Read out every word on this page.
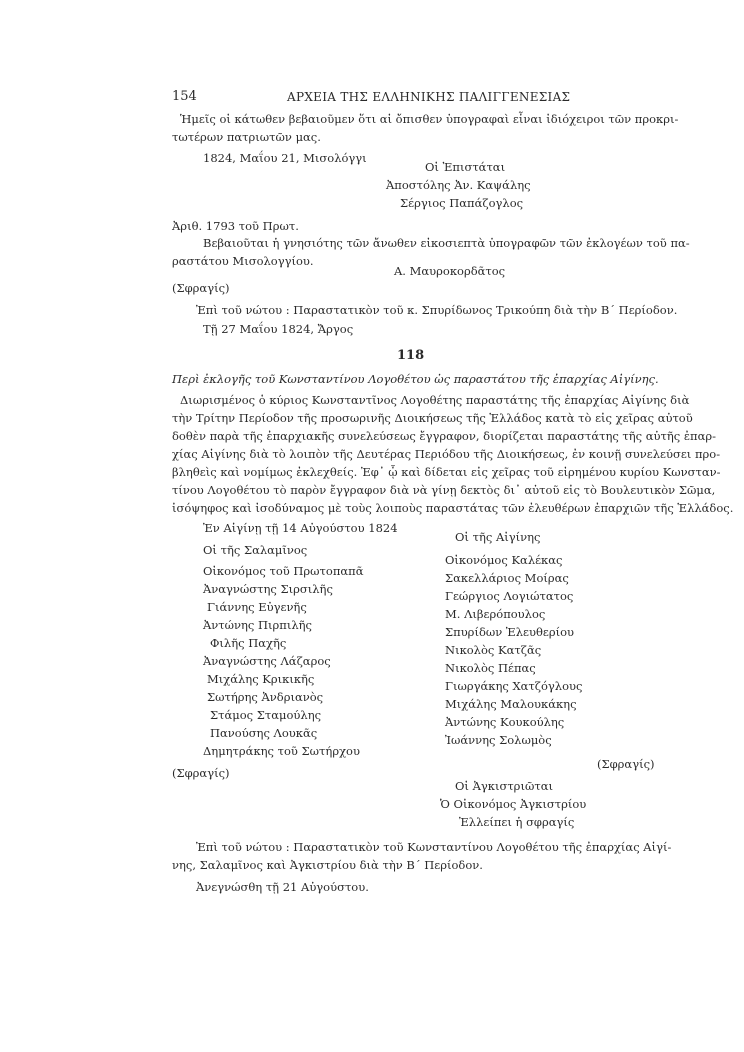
154	ΑΡΧΕΙΑ ΤΗΣ ΕΛΛΗΝΙΚΗΣ ΠΑΛΙΓΓΕΝΕΣΙΑΣ
Ἡμεῖς οἱ κάτωθεν βεβαιοῦμεν ὅτι αἱ ὄπισθεν ὑπογραφαὶ εἶναι ἰδιόχειροι τῶν προκρι-
τωτέρων πατριωτῶν μας.
1824, Μαΐου 21, Μισολόγγι
Οἱ Ἐπιστάται
Ἀποστόλης Ἀν. Καψάλης
Σέργιος Παπάζογλος
Ἀριθ. 1793 τοῦ Πρωτ.
Βεβαιοῦται ἡ γνησιότης τῶν ἄνωθεν εἰκοσιεπτὰ ὑπογραφῶν τῶν ἐκλογέων τοῦ πα-
ραστάτου Μισολογγίου.
Α. Μαυροκορδᾶτος
(Σφραγίς)
Ἐπὶ τοῦ νώτου : Παραστατικὸν τοῦ κ. Σπυρίδωνος Τρικούπη διὰ τὴν Β΄ Περίοδον.
Τῇ 27 Μαΐου 1824, Ἄργος
118
Περὶ ἐκλογῆς τοῦ Κωνσταντίνου Λογοθέτου ὡς παραστάτου τῆς ἐπαρχίας Αἰγίνης.
Διωρισμένος ὁ κύριος Κωνσταντῖνος Λογοθέτης παραστάτης τῆς ἐπαρχίας Αἰγίνης διὰ
τὴν Τρίτην Περίοδον τῆς προσωρινῆς Διοικήσεως τῆς Ἑλλάδος κατὰ τὸ εἰς χεῖρας αὐτοῦ
δοθὲν παρὰ τῆς ἐπαρχιακῆς συνελεύσεως ἔγγραφον, διορίζεται παραστάτης τῆς αὐτῆς ἐπαρ-
χίας Αἰγίνης διὰ τὸ λοιπὸν τῆς Δευτέρας Περιόδου τῆς Διοικήσεως, ἐν κοινῇ συνελεύσει προ-
βληθεὶς καὶ νομίμως ἐκλεχθείς. Ἐφ᾽ ᾧ καὶ δίδεται εἰς χεῖρας τοῦ εἰρημένου κυρίου Κωνσταν-
τίνου Λογοθέτου τὸ παρὸν ἔγγραφον διὰ νὰ γίνῃ δεκτὸς δι᾽ αὐτοῦ εἰς τὸ Βουλευτικὸν Σῶμα,
ἰσόψηφος καὶ ἰσοδύναμος μὲ τοὺς λοιποὺς παραστάτας τῶν ἐλευθέρων ἐπαρχιῶν τῆς Ἑλλάδος.
Ἐν Αἰγίνῃ τῇ 14 Αὐγούστου 1824
Οἱ τῆς Σαλαμῖνος
Οἰκονόμος τοῦ Πρωτοπαπᾶ
Ἀναγνώστης Σιρσιλῆς
Γιάννης Εὐγενῆς
Ἀντώνης Πιρπιλῆς
Φιλῆς Παχῆς
Ἀναγνώστης Λάζαρος
Μιχάλης Κρικικῆς
Σωτήρης Ἀνδριανὸς
Στάμος Σταμούλης
Πανούσης Λουκᾶς
Δημητράκης τοῦ Σωτήρχου
Οἱ τῆς Αἰγίνης
Οἰκονόμος Καλέκας
Σακελλάριος Μοίρας
Γεώργιος Λογιώτατος
Μ. Λιβερόπουλος
Σπυρίδων Ἐλευθερίου
Νικολὸς Κατζᾶς
Νικολὸς Πέπας
Γιωργάκης Χατζόγλους
Μιχάλης Μαλουκάκης
Ἀντώνης Κουκούλης
Ἰωάννης Σολωμὸς
(Σφραγίς)
(Σφραγίς)
Οἱ Ἀγκιστριῶται
Ὁ Οἰκονόμος Ἀγκιστρίου
Ἐλλείπει ἡ σφραγίς
Ἐπὶ τοῦ νώτου : Παραστατικὸν τοῦ Κωνσταντίνου Λογοθέτου τῆς ἐπαρχίας Αἰγί-
νης, Σαλαμῖνος καὶ Ἀγκιστρίου διὰ τὴν Β΄ Περίοδον.
Ἀνεγνώσθη τῇ 21 Αὐγούστου.
